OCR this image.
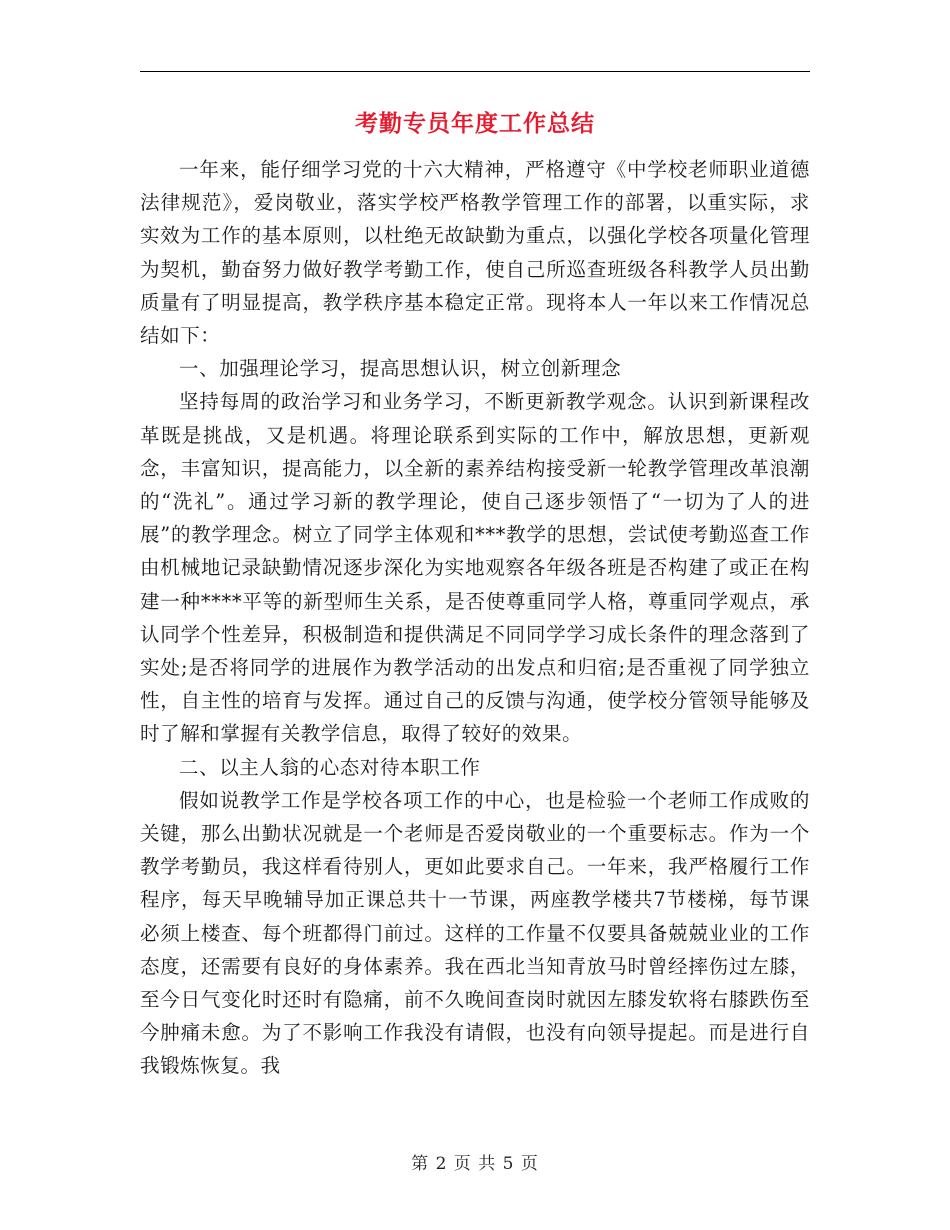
考勤专员年度工作总结

一年来，能仔细学习党的十六大精神，严格遵守《中学校老师职业道德法律规范》，爱岗敬业，落实学校严格教学管理工作的部署，以重实际，求实效为工作的基本原则，以杜绝无故缺勤为重点，以强化学校各项量化管理为契机，勤奋努力做好教学考勤工作，使自己所巡查班级各科教学人员出勤质量有了明显提高，教学秩序基本稳定正常。现将本人一年以来工作情况总结如下：

一、加强理论学习，提高思想认识，树立创新理念

坚持每周的政治学习和业务学习，不断更新教学观念。认识到新课程改革既是挑战，又是机遇。将理论联系到实际的工作中，解放思想，更新观念，丰富知识，提高能力，以全新的素养结构接受新一轮教学管理改革浪潮的“洗礼”。通过学习新的教学理论，使自己逐步领悟了“一切为了人的进展”的教学理念。树立了同学主体观和***教学的思想，尝试使考勤巡查工作由机械地记录缺勤情况逐步深化为实地观察各年级各班是否构建了或正在构建一种****平等的新型师生关系，是否使尊重同学人格，尊重同学观点，承认同学个性差异，积极制造和提供满足不同同学学习成长条件的理念落到了实处;是否将同学的进展作为教学活动的出发点和归宿;是否重视了同学独立性，自主性的培育与发挥。通过自己的反馈与沟通，使学校分管领导能够及时了解和掌握有关教学信息，取得了较好的效果。

二、以主人翁的心态对待本职工作

假如说教学工作是学校各项工作的中心，也是检验一个老师工作成败的关键，那么出勤状况就是一个老师是否爱岗敬业的一个重要标志。作为一个教学考勤员，我这样看待别人，更如此要求自己。一年来，我严格履行工作程序，每天早晚辅导加正课总共十一节课，两座教学楼共7节楼梯，每节课必须上楼查、每个班都得门前过。这样的工作量不仅要具备兢兢业业的工作态度，还需要有良好的身体素养。我在西北当知青放马时曾经摔伤过左膝，至今日气变化时还时有隐痛，前不久晚间查岗时就因左膝发软将右膝跌伤至今肿痛未愈。为了不影响工作我没有请假，也没有向领导提起。而是进行自我锻炼恢复。我

第 2 页 共 5 页
